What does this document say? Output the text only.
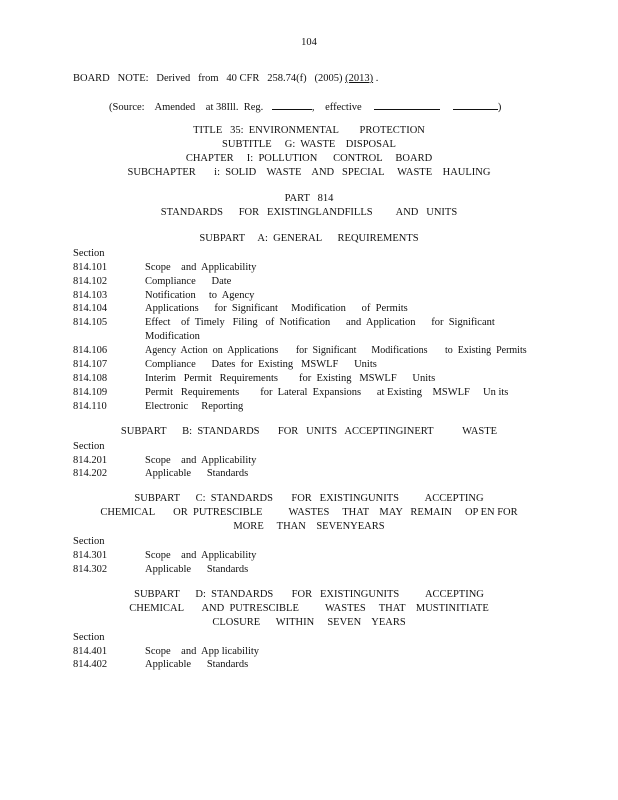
104
BOARD   NOTE:   Derived   from   40 CFR   258.74(f)   (2005) (2013) .
(Source:    Amended    at 38Ill.  Reg.	, effective	)
TITLE   35:  ENVIRONMENTAL        PROTECTION
SUBTITLE     G:  WASTE    DISPOSAL
CHAPTER     I:  POLLUTION      CONTROL     BOARD
SUBCHAPTER       i:  SOLID    WASTE    AND   SPECIAL     WASTE    HAULING
PART   814
STANDARDS      FOR   EXISTINGLANDFILLS         AND   UNITS
SUBPART     A:  GENERAL      REQUIREMENTS
Section
814.101	Scope    and  Applicability
814.102	Compliance      Date
814.103	Notification     to  Agency
814.104	Applications      for  Significant     Modification      of  Permits
814.105	Effect    of  Timely   Filing   of  Notification      and  Application      for  Significant
Modification
814.106	Agency  Action  on  Applications       for  Significant      Modifications       to  Existing  Permits
814.107	Compliance      Dates  for  Existing   MSWLF      Units
814.108	Interim   Permit   Requirements        for  Existing   MSWLF      Units
814.109	Permit   Requirements        for  Lateral  Expansions      at Existing    MSWLF     Un its
814.110	Electronic     Reporting
SUBPART      B:  STANDARDS       FOR   UNITS   ACCEPTINGINERT           WASTE
Section
814.201	Scope    and  Applicability
814.202	Applicable      Standards
SUBPART      C:  STANDARDS       FOR   EXISTINGUNITS          ACCEPTING
CHEMICAL       OR  PUTRESCIBLE          WASTES     THAT    MAY   REMAIN     OP EN FOR
MORE     THAN    SEVENYEARS
Section
814.301	Scope    and  Applicability
814.302	Applicable      Standards
SUBPART      D:  STANDARDS       FOR   EXISTINGUNITS          ACCEPTING
CHEMICAL       AND  PUTRESCIBLE          WASTES     THAT    MUSTINITIATE
CLOSURE      WITHIN     SEVEN    YEARS
Section
814.401	Scope    and  App licability
814.402	Applicable      Standards
